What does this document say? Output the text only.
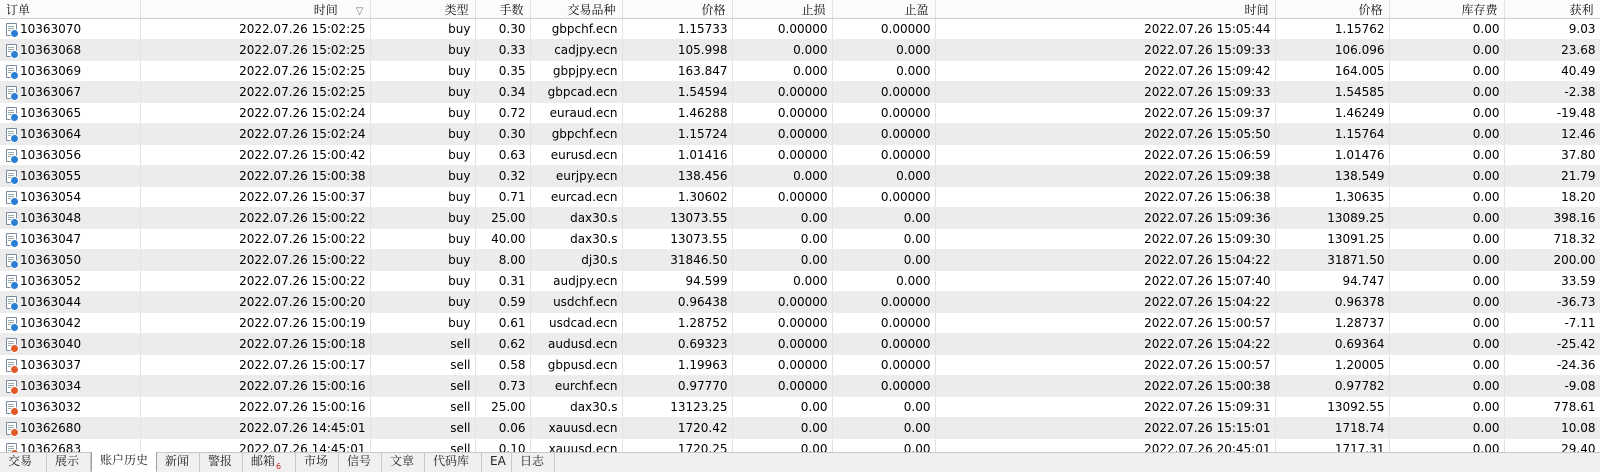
订单	时间 ▽	类型	手数	交易品种	价格	止损	止盈	时间	价格	库存费	获利

10363070	2022.07.26 15:02:25	buy	0.30	gbpchf.ecn	1.15733	0.00000	0.00000	2022.07.26 15:05:44	1.15762	0.00	9.03

10363068	2022.07.26 15:02:25	buy	0.33	cadjpy.ecn	105.998	0.000	0.000	2022.07.26 15:09:33	106.096	0.00	23.68

10363069	2022.07.26 15:02:25	buy	0.35	gbpjpy.ecn	163.847	0.000	0.000	2022.07.26 15:09:42	164.005	0.00	40.49

10363067	2022.07.26 15:02:25	buy	0.34	gbpcad.ecn	1.54594	0.00000	0.00000	2022.07.26 15:09:33	1.54585	0.00	-2.38

10363065	2022.07.26 15:02:24	buy	0.72	euraud.ecn	1.46288	0.00000	0.00000	2022.07.26 15:09:37	1.46249	0.00	-19.48

10363064	2022.07.26 15:02:24	buy	0.30	gbpchf.ecn	1.15724	0.00000	0.00000	2022.07.26 15:05:50	1.15764	0.00	12.46

10363056	2022.07.26 15:00:42	buy	0.63	eurusd.ecn	1.01416	0.00000	0.00000	2022.07.26 15:06:59	1.01476	0.00	37.80

10363055	2022.07.26 15:00:38	buy	0.32	eurjpy.ecn	138.456	0.000	0.000	2022.07.26 15:09:38	138.549	0.00	21.79

10363054	2022.07.26 15:00:37	buy	0.71	eurcad.ecn	1.30602	0.00000	0.00000	2022.07.26 15:06:38	1.30635	0.00	18.20

10363048	2022.07.26 15:00:22	buy	25.00	dax30.s	13073.55	0.00	0.00	2022.07.26 15:09:36	13089.25	0.00	398.16

10363047	2022.07.26 15:00:22	buy	40.00	dax30.s	13073.55	0.00	0.00	2022.07.26 15:09:30	13091.25	0.00	718.32

10363050	2022.07.26 15:00:22	buy	8.00	dj30.s	31846.50	0.00	0.00	2022.07.26 15:04:22	31871.50	0.00	200.00

10363052	2022.07.26 15:00:22	buy	0.31	audjpy.ecn	94.599	0.000	0.000	2022.07.26 15:07:40	94.747	0.00	33.59

10363044	2022.07.26 15:00:20	buy	0.59	usdchf.ecn	0.96438	0.00000	0.00000	2022.07.26 15:04:22	0.96378	0.00	-36.73

10363042	2022.07.26 15:00:19	buy	0.61	usdcad.ecn	1.28752	0.00000	0.00000	2022.07.26 15:00:57	1.28737	0.00	-7.11

10363040	2022.07.26 15:00:18	sell	0.62	audusd.ecn	0.69323	0.00000	0.00000	2022.07.26 15:04:22	0.69364	0.00	-25.42

10363037	2022.07.26 15:00:17	sell	0.58	gbpusd.ecn	1.19963	0.00000	0.00000	2022.07.26 15:00:57	1.20005	0.00	-24.36

10363034	2022.07.26 15:00:16	sell	0.73	eurchf.ecn	0.97770	0.00000	0.00000	2022.07.26 15:00:38	0.97782	0.00	-9.08

10363032	2022.07.26 15:00:16	sell	25.00	dax30.s	13123.25	0.00	0.00	2022.07.26 15:09:31	13092.55	0.00	778.61

10362680	2022.07.26 14:45:01	sell	0.06	xauusd.ecn	1720.42	0.00	0.00	2022.07.26 15:15:01	1718.74	0.00	10.08

10362683	2022.07.26 14:45:01	sell	0.10	xauusd.ecn	1720.25	0.00	0.00	2022.07.26 20:45:01	1717.31	0.00	29.40
交易	展示	账户历史	新闻	警报	邮箱$_6$	市场	信号	文章	代码库	EA	日志
